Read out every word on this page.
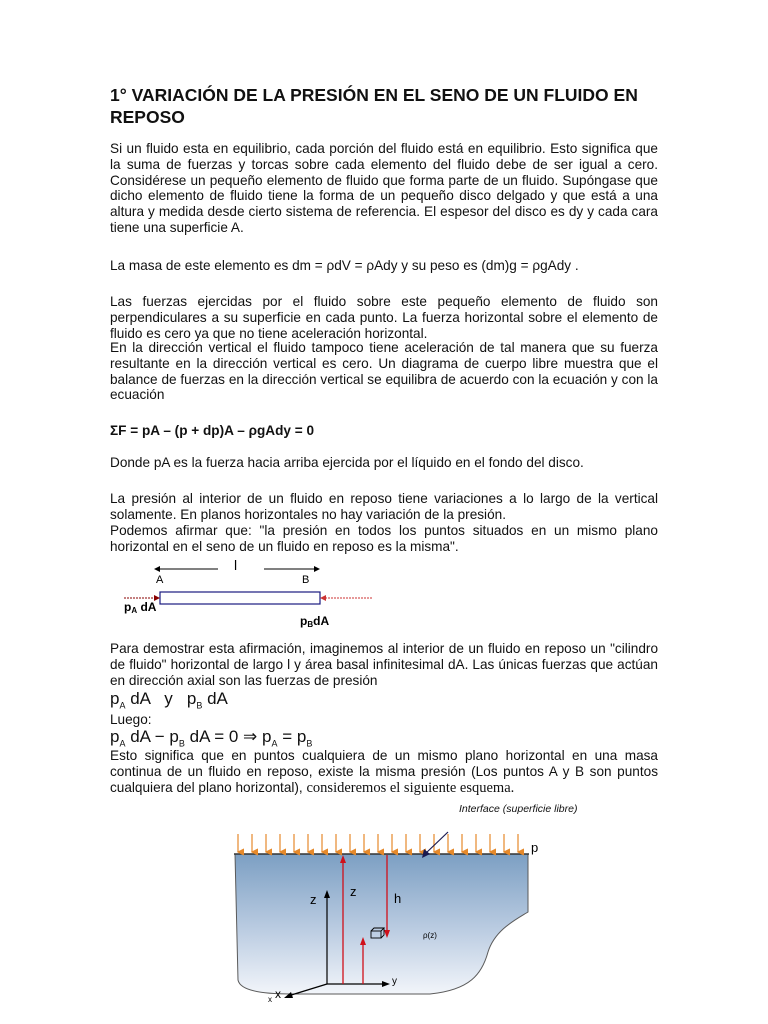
1° VARIACIÓN DE LA PRESIÓN EN EL SENO DE UN FLUIDO EN REPOSO

Si un fluido esta en equilibrio, cada porción del fluido está en equilibrio. Esto significa que la suma de fuerzas y torcas sobre cada elemento del fluido debe de ser igual a cero. Considérese un pequeño elemento de fluido que forma parte de un fluido. Supóngase que dicho elemento de fluido tiene la forma de un pequeño disco delgado y que está a una altura y medida desde cierto sistema de referencia. El espesor del disco es dy y cada cara tiene una superficie A.

La masa de este elemento es dm = ρdV = ρAdy y su peso es (dm)g = ρgAdy .

Las fuerzas ejercidas por el fluido sobre este pequeño elemento de fluido son perpendiculares a su superficie en cada punto. La fuerza horizontal sobre el elemento de fluido es cero ya que no tiene aceleración horizontal.

En la dirección vertical el fluido tampoco tiene aceleración de tal manera que su fuerza resultante en la dirección vertical es cero. Un diagrama de cuerpo libre muestra que el balance de fuerzas en la dirección vertical se equilibra de acuerdo con la ecuación y con la ecuación

ΣF = pA – (p + dp)A – ρgAdy = 0

Donde pA es la fuerza hacia arriba ejercida por el líquido en el fondo del disco.

La presión al interior de un fluido en reposo tiene variaciones a lo largo de la vertical solamente. En planos horizontales no hay variación de la presión.

Podemos afirmar que: "la presión en todos los puntos situados en un mismo plano horizontal en el seno de un fluido en reposo es la misma".

l
A	B
pA dA
pBdA

Para demostrar esta afirmación, imaginemos al interior de un fluido en reposo un "cilindro de fluido" horizontal de largo l y área basal infinitesimal dA. Las únicas fuerzas que actúan en dirección axial son las fuerzas de presión

$p_A$ dA   y   $p_B$ dA
Luego:
$p_A$ dA − $p_B$ dA = 0 ⇒ $p_A = p_B$

Esto significa que en puntos cualquiera de un mismo plano horizontal en una masa continua de un fluido en reposo, existe la misma presión (Los puntos A y B son puntos cualquiera del plano horizontal), consideremos el siguiente esquema.

Interface (superficie libre)
p
z
y
x
x
z	h
ρ(z)
